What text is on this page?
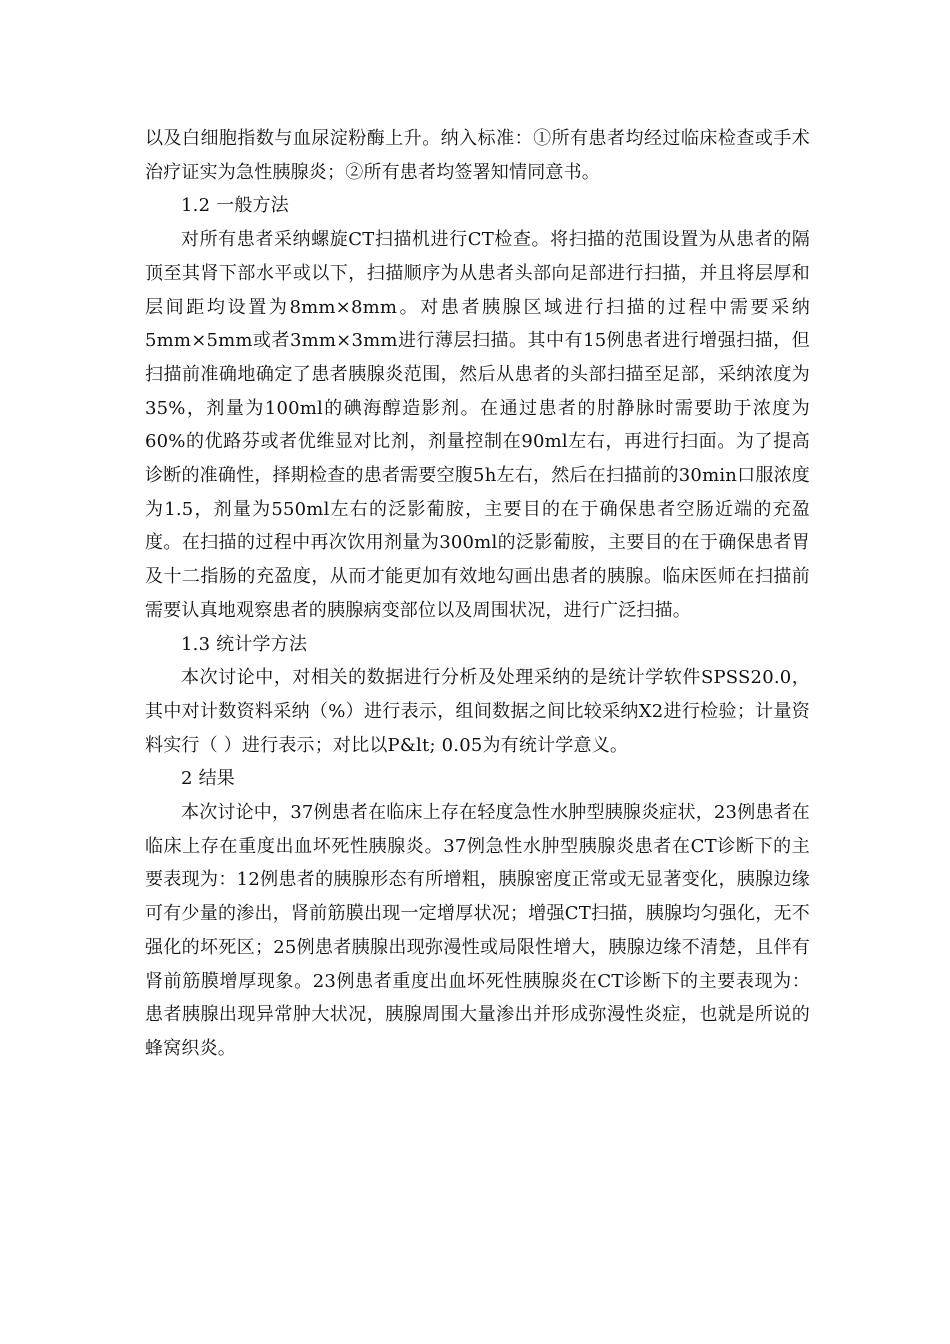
以及白细胞指数与血尿淀粉酶上升。纳入标准：①所有患者均经过临床检查或手术治疗证实为急性胰腺炎；②所有患者均签署知情同意书。

1.2 一般方法

对所有患者采纳螺旋CT扫描机进行CT检查。将扫描的范围设置为从患者的隔顶至其肾下部水平或以下，扫描顺序为从患者头部向足部进行扫描，并且将层厚和层间距均设置为8mm×8mm。对患者胰腺区域进行扫描的过程中需要采纳5mm×5mm或者3mm×3mm进行薄层扫描。其中有15例患者进行增强扫描，但扫描前准确地确定了患者胰腺炎范围，然后从患者的头部扫描至足部，采纳浓度为35%，剂量为100ml的碘海醇造影剂。在通过患者的肘静脉时需要助于浓度为60%的优路芬或者优维显对比剂，剂量控制在90ml左右，再进行扫面。为了提高诊断的准确性，择期检查的患者需要空腹5h左右，然后在扫描前的30min口服浓度为1.5，剂量为550ml左右的泛影葡胺，主要目的在于确保患者空肠近端的充盈度。在扫描的过程中再次饮用剂量为300ml的泛影葡胺，主要目的在于确保患者胃及十二指肠的充盈度，从而才能更加有效地勾画出患者的胰腺。临床医师在扫描前需要认真地观察患者的胰腺病变部位以及周围状况，进行广泛扫描。

1.3 统计学方法

本次讨论中，对相关的数据进行分析及处理采纳的是统计学软件SPSS20.0，其中对计数资料采纳（%）进行表示，组间数据之间比较采纳X2进行检验；计量资料实行（ ）进行表示；对比以P&lt; 0.05为有统计学意义。

2 结果

本次讨论中，37例患者在临床上存在轻度急性水肿型胰腺炎症状，23例患者在临床上存在重度出血坏死性胰腺炎。37例急性水肿型胰腺炎患者在CT诊断下的主要表现为：12例患者的胰腺形态有所增粗，胰腺密度正常或无显著变化，胰腺边缘可有少量的渗出，肾前筋膜出现一定增厚状况；增强CT扫描，胰腺均匀强化，无不强化的坏死区；25例患者胰腺出现弥漫性或局限性增大，胰腺边缘不清楚，且伴有肾前筋膜增厚现象。23例患者重度出血坏死性胰腺炎在CT诊断下的主要表现为：患者胰腺出现异常肿大状况，胰腺周围大量渗出并形成弥漫性炎症，也就是所说的蜂窝织炎。
